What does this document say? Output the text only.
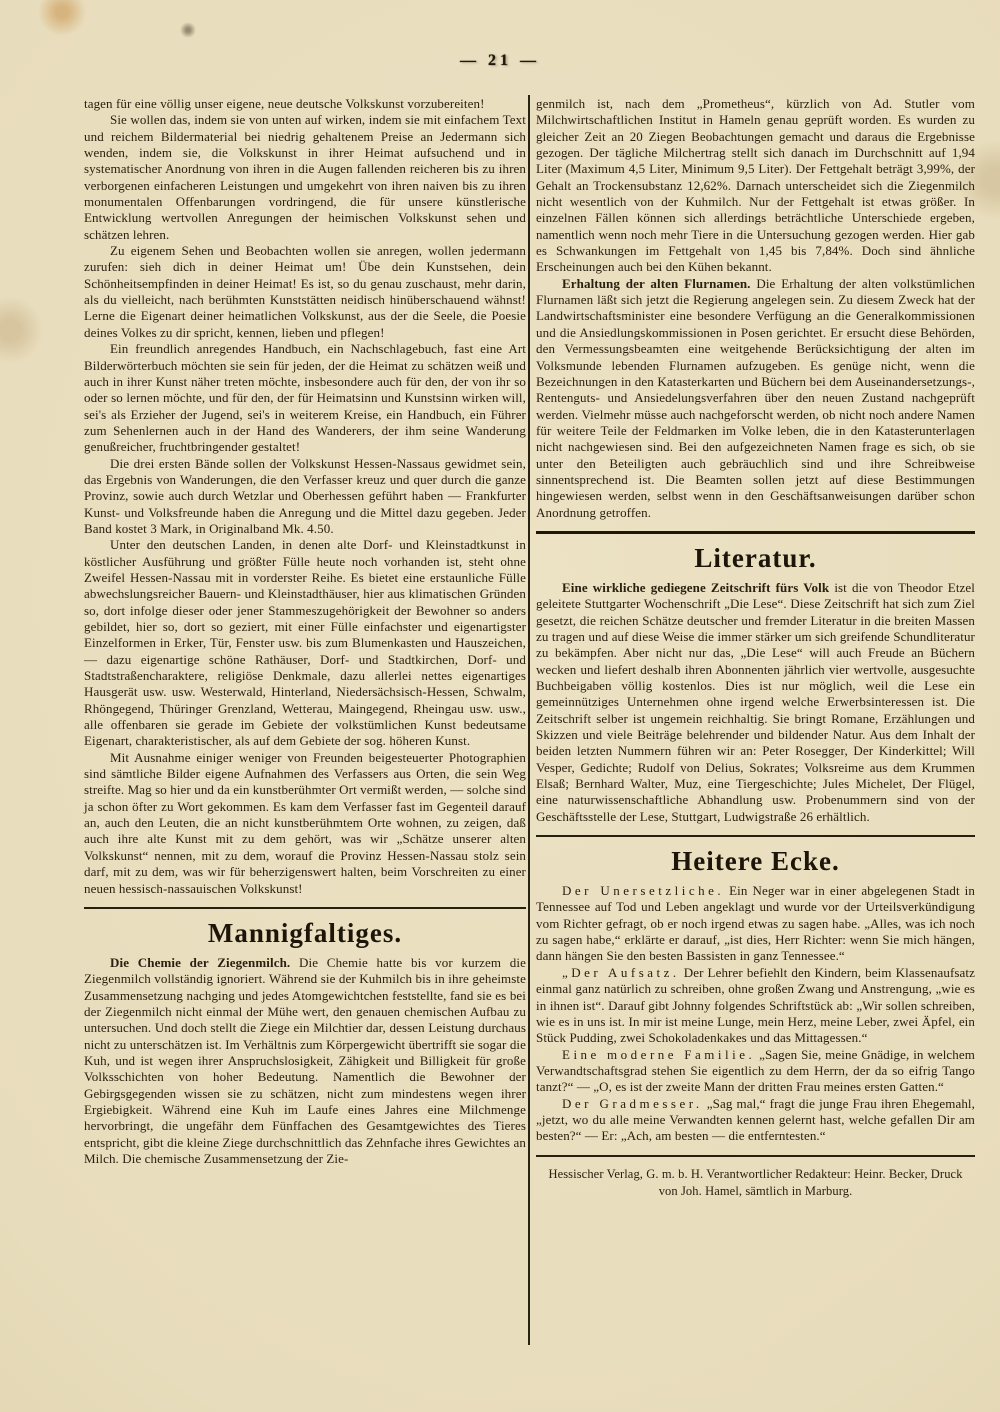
— 21 —

tagen für eine völlig unser eigene, neue deutsche Volkskunst vorzubereiten!

Sie wollen das, indem sie von unten auf wirken, indem sie mit einfachem Text und reichem Bildermaterial bei niedrig gehaltenem Preise an Jedermann sich wenden, indem sie, die Volkskunst in ihrer Heimat aufsuchend und in systematischer Anordnung von ihren in die Augen fallenden reicheren bis zu ihren verborgenen einfacheren Leistungen und umgekehrt von ihren naiven bis zu ihren monumentalen Offenbarungen vordringend, die für unsere künstlerische Entwicklung wertvollen Anregungen der heimischen Volkskunst sehen und schätzen lehren.

Zu eigenem Sehen und Beobachten wollen sie anregen, wollen jedermann zurufen: sieh dich in deiner Heimat um! Übe dein Kunstsehen, dein Schönheitsempfinden in deiner Heimat! Es ist, so du genau zuschaust, mehr darin, als du vielleicht, nach berühmten Kunststätten neidisch hinüberschauend wähnst! Lerne die Eigenart deiner heimatlichen Volkskunst, aus der die Seele, die Poesie deines Volkes zu dir spricht, kennen, lieben und pflegen!

Ein freundlich anregendes Handbuch, ein Nachschlagebuch, fast eine Art Bilderwörterbuch möchten sie sein für jeden, der die Heimat zu schätzen weiß und auch in ihrer Kunst näher treten möchte, insbesondere auch für den, der von ihr so oder so lernen möchte, und für den, der für Heimatsinn und Kunstsinn wirken will, sei's als Erzieher der Jugend, sei's in weiterem Kreise, ein Handbuch, ein Führer zum Sehenlernen auch in der Hand des Wanderers, der ihm seine Wanderung genußreicher, fruchtbringender gestaltet!

Die drei ersten Bände sollen der Volkskunst Hessen-Nassaus gewidmet sein, das Ergebnis von Wanderungen, die den Verfasser kreuz und quer durch die ganze Provinz, sowie auch durch Wetzlar und Oberhessen geführt haben — Frankfurter Kunst- und Volksfreunde haben die Anregung und die Mittel dazu gegeben. Jeder Band kostet 3 Mark, in Originalband Mk. 4.50.

Unter den deutschen Landen, in denen alte Dorf- und Kleinstadtkunst in köstlicher Ausführung und größter Fülle heute noch vorhanden ist, steht ohne Zweifel Hessen-Nassau mit in vorderster Reihe. Es bietet eine erstaunliche Fülle abwechslungsreicher Bauern- und Kleinstadthäuser, hier aus klimatischen Gründen so, dort infolge dieser oder jener Stammeszugehörigkeit der Bewohner so anders gebildet, hier so, dort so geziert, mit einer Fülle einfachster und eigenartigster Einzelformen in Erker, Tür, Fenster usw. bis zum Blumenkasten und Hauszeichen, — dazu eigenartige schöne Rathäuser, Dorf- und Stadtkirchen, Dorf- und Stadtstraßencharaktere, religiöse Denkmale, dazu allerlei nettes eigenartiges Hausgerät usw. usw. Westerwald, Hinterland, Niedersächsisch-Hessen, Schwalm, Rhöngegend, Thüringer Grenzland, Wetterau, Maingegend, Rheingau usw. usw., alle offenbaren sie gerade im Gebiete der volkstümlichen Kunst bedeutsame Eigenart, charakteristischer, als auf dem Gebiete der sog. höheren Kunst.

Mit Ausnahme einiger weniger von Freunden beigesteuerter Photographien sind sämtliche Bilder eigene Aufnahmen des Verfassers aus Orten, die sein Weg streifte. Mag so hier und da ein kunstberühmter Ort vermißt werden, — solche sind ja schon öfter zu Wort gekommen. Es kam dem Verfasser fast im Gegenteil darauf an, auch den Leuten, die an nicht kunstberühmtem Orte wohnen, zu zeigen, daß auch ihre alte Kunst mit zu dem gehört, was wir „Schätze unserer alten Volkskunst“ nennen, mit zu dem, worauf die Provinz Hessen-Nassau stolz sein darf, mit zu dem, was wir für beherzigenswert halten, beim Vorschreiten zu einer neuen hessisch-nassauischen Volkskunst!

Mannigfaltiges.

Die Chemie der Ziegenmilch. Die Chemie hatte bis vor kurzem die Ziegenmilch vollständig ignoriert. Während sie der Kuhmilch bis in ihre geheimste Zusammensetzung nachging und jedes Atomgewichtchen feststellte, fand sie es bei der Ziegenmilch nicht einmal der Mühe wert, den genauen chemischen Aufbau zu untersuchen. Und doch stellt die Ziege ein Milchtier dar, dessen Leistung durchaus nicht zu unterschätzen ist. Im Verhältnis zum Körpergewicht übertrifft sie sogar die Kuh, und ist wegen ihrer Anspruchslosigkeit, Zähigkeit und Billigkeit für große Volksschichten von hoher Bedeutung. Namentlich die Bewohner der Gebirgsgegenden wissen sie zu schätzen, nicht zum mindestens wegen ihrer Ergiebigkeit. Während eine Kuh im Laufe eines Jahres eine Milchmenge hervorbringt, die ungefähr dem Fünffachen des Gesamtgewichtes des Tieres entspricht, gibt die kleine Ziege durchschnittlich das Zehnfache ihres Gewichtes an Milch. Die chemische Zusammensetzung der Zie-

genmilch ist, nach dem „Prometheus“, kürzlich von Ad. Stutler vom Milchwirtschaftlichen Institut in Hameln genau geprüft worden. Es wurden zu gleicher Zeit an 20 Ziegen Beobachtungen gemacht und daraus die Ergebnisse gezogen. Der tägliche Milchertrag stellt sich danach im Durchschnitt auf 1,94 Liter (Maximum 4,5 Liter, Minimum 9,5 Liter). Der Fettgehalt beträgt 3,99%, der Gehalt an Trockensubstanz 12,62%. Darnach unterscheidet sich die Ziegenmilch nicht wesentlich von der Kuhmilch. Nur der Fettgehalt ist etwas größer. In einzelnen Fällen können sich allerdings beträchtliche Unterschiede ergeben, namentlich wenn noch mehr Tiere in die Untersuchung gezogen werden. Hier gab es Schwankungen im Fettgehalt von 1,45 bis 7,84%. Doch sind ähnliche Erscheinungen auch bei den Kühen bekannt.

Erhaltung der alten Flurnamen. Die Erhaltung der alten volkstümlichen Flurnamen läßt sich jetzt die Regierung angelegen sein. Zu diesem Zweck hat der Landwirtschaftsminister eine besondere Verfügung an die Generalkommissionen und die Ansiedlungskommissionen in Posen gerichtet. Er ersucht diese Behörden, den Vermessungsbeamten eine weitgehende Berücksichtigung der alten im Volksmunde lebenden Flurnamen aufzugeben. Es genüge nicht, wenn die Bezeichnungen in den Katasterkarten und Büchern bei dem Auseinandersetzungs-, Rentenguts- und Ansiedelungsverfahren über den neuen Zustand nachgeprüft werden. Vielmehr müsse auch nachgeforscht werden, ob nicht noch andere Namen für weitere Teile der Feldmarken im Volke leben, die in den Katasterunterlagen nicht nachgewiesen sind. Bei den aufgezeichneten Namen frage es sich, ob sie unter den Beteiligten auch gebräuchlich sind und ihre Schreibweise sinnentsprechend ist. Die Beamten sollen jetzt auf diese Bestimmungen hingewiesen werden, selbst wenn in den Geschäftsanweisungen darüber schon Anordnung getroffen.

Literatur.

Eine wirkliche gediegene Zeitschrift fürs Volk ist die von Theodor Etzel geleitete Stuttgarter Wochenschrift „Die Lese“. Diese Zeitschrift hat sich zum Ziel gesetzt, die reichen Schätze deutscher und fremder Literatur in die breiten Massen zu tragen und auf diese Weise die immer stärker um sich greifende Schundliteratur zu bekämpfen. Aber nicht nur das, „Die Lese“ will auch Freude an Büchern wecken und liefert deshalb ihren Abonnenten jährlich vier wertvolle, ausgesuchte Buchbeigaben völlig kostenlos. Dies ist nur möglich, weil die Lese ein gemeinnütziges Unternehmen ohne irgend welche Erwerbsinteressen ist. Die Zeitschrift selber ist ungemein reichhaltig. Sie bringt Romane, Erzählungen und Skizzen und viele Beiträge belehrender und bildender Natur. Aus dem Inhalt der beiden letzten Nummern führen wir an: Peter Rosegger, Der Kinderkittel; Will Vesper, Gedichte; Rudolf von Delius, Sokrates; Volksreime aus dem Krummen Elsaß; Bernhard Walter, Muz, eine Tiergeschichte; Jules Michelet, Der Flügel, eine naturwissenschaftliche Abhandlung usw. Probenummern sind von der Geschäftsstelle der Lese, Stuttgart, Ludwigstraße 26 erhältlich.

Heitere Ecke.

Der Unersetzliche. Ein Neger war in einer abgelegenen Stadt in Tennessee auf Tod und Leben angeklagt und wurde vor der Urteilsverkündigung vom Richter gefragt, ob er noch irgend etwas zu sagen habe. „Alles, was ich noch zu sagen habe,“ erklärte er darauf, „ist dies, Herr Richter: wenn Sie mich hängen, dann hängen Sie den besten Bassisten in ganz Tennessee.“

„Der Aufsatz. Der Lehrer befiehlt den Kindern, beim Klassenaufsatz einmal ganz natürlich zu schreiben, ohne großen Zwang und Anstrengung, „wie es in ihnen ist“. Darauf gibt Johnny folgendes Schriftstück ab: „Wir sollen schreiben, wie es in uns ist. In mir ist meine Lunge, mein Herz, meine Leber, zwei Äpfel, ein Stück Pudding, zwei Schokoladenkakes und das Mittagessen.“

Eine moderne Familie. „Sagen Sie, meine Gnädige, in welchem Verwandtschaftsgrad stehen Sie eigentlich zu dem Herrn, der da so eifrig Tango tanzt?“ — „O, es ist der zweite Mann der dritten Frau meines ersten Gatten.“

Der Gradmesser. „Sag mal,“ fragt die junge Frau ihren Ehegemahl, „jetzt, wo du alle meine Verwandten kennen gelernt hast, welche gefallen Dir am besten?“ — Er: „Ach, am besten — die entferntesten.“

Hessischer Verlag, G. m. b. H. Verantwortlicher Redakteur: Heinr. Becker, Druck von Joh. Hamel, sämtlich in Marburg.
